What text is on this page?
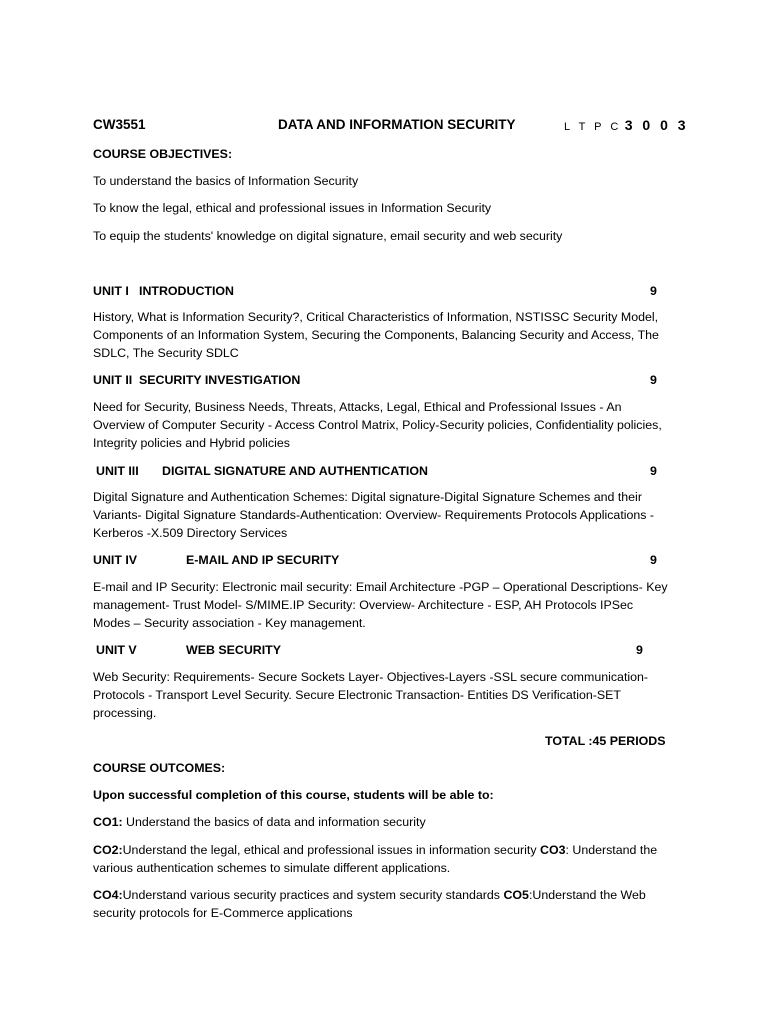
CW3551	DATA AND INFORMATION SECURITY	L T P C 3 0 0 3
COURSE OBJECTIVES:
To understand the basics of Information Security
To know the legal, ethical and professional issues in Information Security
To equip the students' knowledge on digital signature, email security and web security
UNIT I INTRODUCTION	9
History, What is Information Security?, Critical Characteristics of Information, NSTISSC Security Model, Components of an Information System, Securing the Components, Balancing Security and Access, The SDLC, The Security SDLC
UNIT II SECURITY INVESTIGATION	9
Need for Security, Business Needs, Threats, Attacks, Legal, Ethical and Professional Issues - An Overview of Computer Security - Access Control Matrix, Policy-Security policies, Confidentiality policies, Integrity policies and Hybrid policies
UNIT III DIGITAL SIGNATURE AND AUTHENTICATION	9
Digital Signature and Authentication Schemes: Digital signature-Digital Signature Schemes and their Variants- Digital Signature Standards-Authentication: Overview- Requirements Protocols Applications - Kerberos -X.509 Directory Services
UNIT IV	E-MAIL AND IP SECURITY	9
E-mail and IP Security: Electronic mail security: Email Architecture -PGP – Operational Descriptions- Key management- Trust Model- S/MIME.IP Security: Overview- Architecture - ESP, AH Protocols IPSec Modes – Security association - Key management.
UNIT V	WEB SECURITY	9
Web Security: Requirements- Secure Sockets Layer- Objectives-Layers -SSL secure communication-Protocols - Transport Level Security. Secure Electronic Transaction- Entities DS Verification-SET processing.
TOTAL :45 PERIODS
COURSE OUTCOMES:
Upon successful completion of this course, students will be able to:
CO1: Understand the basics of data and information security
CO2:Understand the legal, ethical and professional issues in information security CO3: Understand the various authentication schemes to simulate different applications.
CO4:Understand various security practices and system security standards CO5:Understand the Web security protocols for E-Commerce applications
